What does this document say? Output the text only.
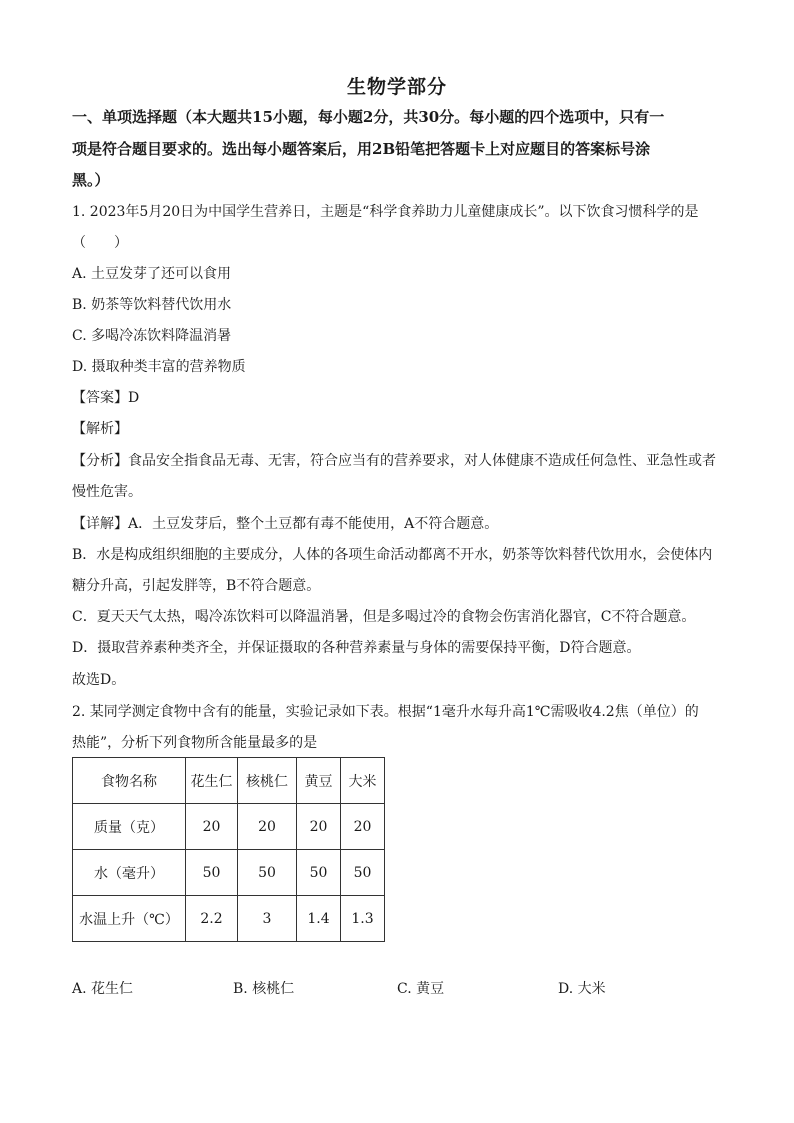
生物学部分
一、单项选择题（本大题共15小题，每小题2分，共30分。每小题的四个选项中，只有一
项是符合题目要求的。选出每小题答案后，用2B铅笔把答题卡上对应题目的答案标号涂
黑。）
1. 2023年5月20日为中国学生营养日，主题是“科学食养助力儿童健康成长”。以下饮食习惯科学的是
（　　）
A. 土豆发芽了还可以食用
B. 奶茶等饮料替代饮用水
C. 多喝冷冻饮料降温消暑
D. 摄取种类丰富的营养物质
【答案】D
【解析】
【分析】食品安全指食品无毒、无害，符合应当有的营养要求，对人体健康不造成任何急性、亚急性或者
慢性危害。
【详解】A．土豆发芽后，整个土豆都有毒不能使用，A不符合题意。
B．水是构成组织细胞的主要成分，人体的各项生命活动都离不开水，奶茶等饮料替代饮用水，会使体内
糖分升高，引起发胖等，B不符合题意。
C．夏天天气太热，喝冷冻饮料可以降温消暑，但是多喝过冷的食物会伤害消化器官，C不符合题意。
D．摄取营养素种类齐全，并保证摄取的各种营养素量与身体的需要保持平衡，D符合题意。
故选D。
2. 某同学测定食物中含有的能量，实验记录如下表。根据“1毫升水每升高1℃需吸收4.2焦（单位）的
热能”，分析下列食物所含能量最多的是
食物名称	花生仁	核桃仁	黄豆	大米
质量（克）	20	20	20	20
水（毫升）	50	50	50	50
水温上升（℃）	2.2	3	1.4	1.3
A. 花生仁	B. 核桃仁	C. 黄豆	D. 大米
